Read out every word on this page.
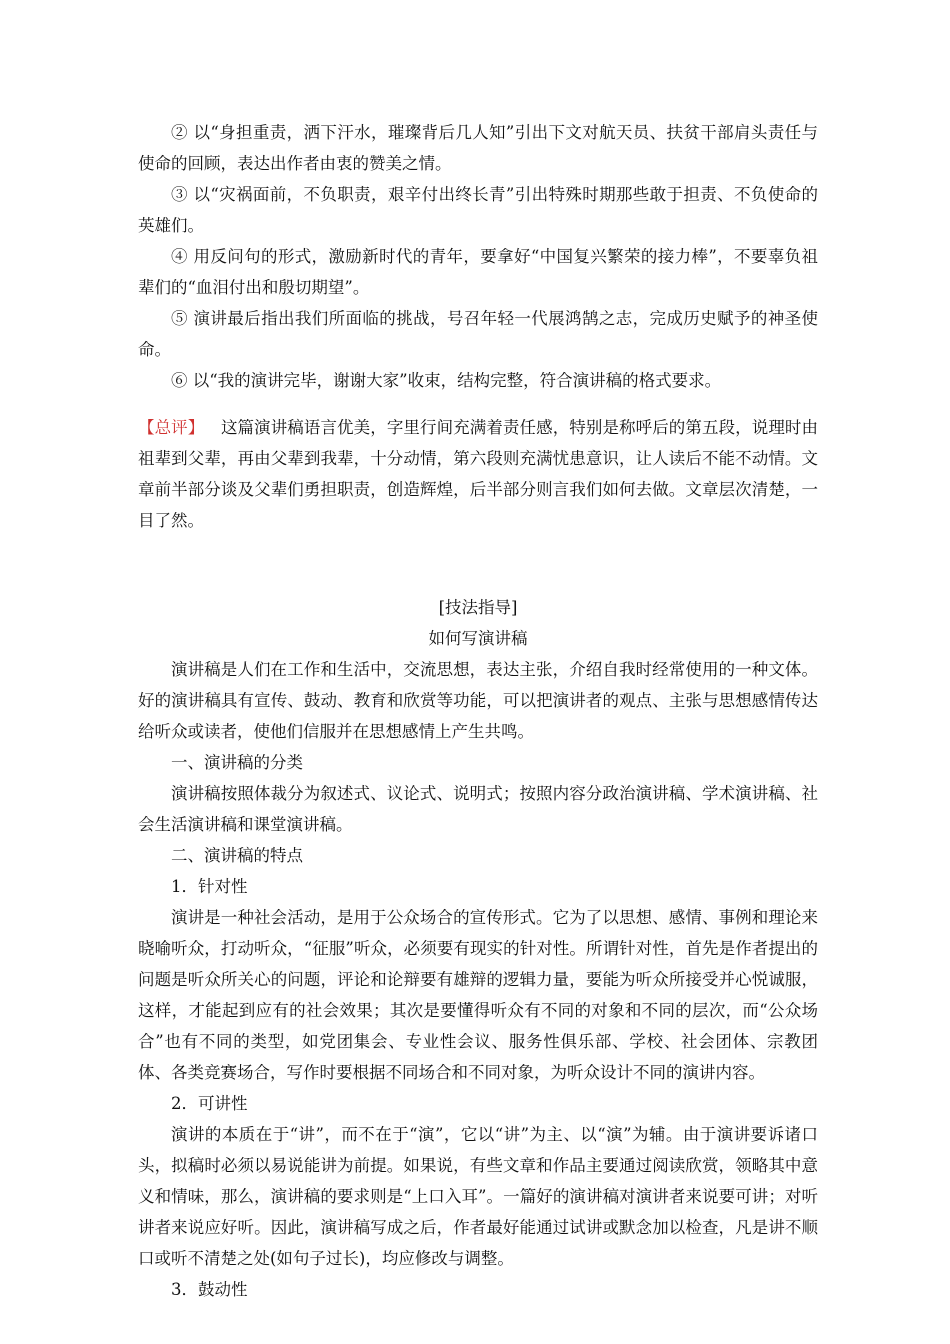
② 以“身担重责，洒下汗水，璀璨背后几人知”引出下文对航天员、扶贫干部肩头责任与使命的回顾，表达出作者由衷的赞美之情。

③ 以“灾祸面前，不负职责，艰辛付出终长青”引出特殊时期那些敢于担责、不负使命的英雄们。

④ 用反问句的形式，激励新时代的青年，要拿好“中国复兴繁荣的接力棒”，不要辜负祖辈们的“血泪付出和殷切期望”。

⑤ 演讲最后指出我们所面临的挑战，号召年轻一代展鸿鹄之志，完成历史赋予的神圣使命。

⑥ 以“我的演讲完毕，谢谢大家”收束，结构完整，符合演讲稿的格式要求。

【总评】  这篇演讲稿语言优美，字里行间充满着责任感，特别是称呼后的第五段，说理时由祖辈到父辈，再由父辈到我辈，十分动情，第六段则充满忧患意识，让人读后不能不动情。文章前半部分谈及父辈们勇担职责，创造辉煌，后半部分则言我们如何去做。文章层次清楚，一目了然。

[技法指导]

如何写演讲稿

演讲稿是人们在工作和生活中，交流思想，表达主张，介绍自我时经常使用的一种文体。好的演讲稿具有宣传、鼓动、教育和欣赏等功能，可以把演讲者的观点、主张与思想感情传达给听众或读者，使他们信服并在思想感情上产生共鸣。

一、演讲稿的分类

演讲稿按照体裁分为叙述式、议论式、说明式；按照内容分政治演讲稿、学术演讲稿、社会生活演讲稿和课堂演讲稿。

二、演讲稿的特点

1．针对性

演讲是一种社会活动，是用于公众场合的宣传形式。它为了以思想、感情、事例和理论来晓喻听众，打动听众，“征服”听众，必须要有现实的针对性。所谓针对性，首先是作者提出的问题是听众所关心的问题，评论和论辩要有雄辩的逻辑力量，要能为听众所接受并心悦诚服，这样，才能起到应有的社会效果；其次是要懂得听众有不同的对象和不同的层次，而“公众场合”也有不同的类型，如党团集会、专业性会议、服务性俱乐部、学校、社会团体、宗教团体、各类竞赛场合，写作时要根据不同场合和不同对象，为听众设计不同的演讲内容。

2．可讲性

演讲的本质在于“讲”，而不在于“演”，它以“讲”为主、以“演”为辅。由于演讲要诉诸口头，拟稿时必须以易说能讲为前提。如果说，有些文章和作品主要通过阅读欣赏，领略其中意义和情味，那么，演讲稿的要求则是“上口入耳”。一篇好的演讲稿对演讲者来说要可讲；对听讲者来说应好听。因此，演讲稿写成之后，作者最好能通过试讲或默念加以检查，凡是讲不顺口或听不清楚之处(如句子过长)，均应修改与调整。

3．鼓动性
